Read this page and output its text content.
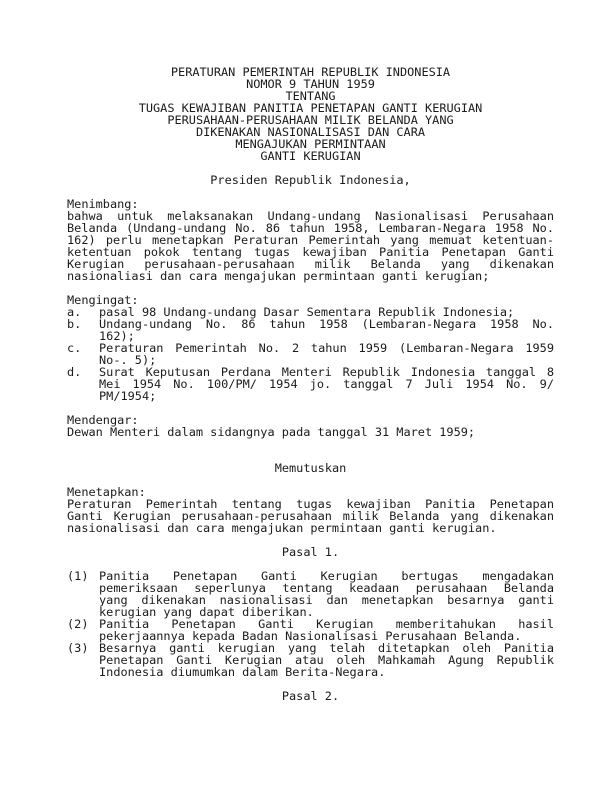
PERATURAN PEMERINTAH REPUBLIK INDONESIA
NOMOR 9 TAHUN 1959
TENTANG
TUGAS KEWAJIBAN PANITIA PENETAPAN GANTI KERUGIAN
PERUSAHAAN-PERUSAHAAN MILIK BELANDA YANG
DIKENAKAN NASIONALISASI DAN CARA
MENGAJUKAN PERMINTAAN
GANTI KERUGIAN
Presiden Republik Indonesia,
Menimbang:
bahwa untuk melaksanakan Undang-undang Nasionalisasi Perusahaan
Belanda (Undang-undang No. 86 tahun 1958, Lembaran-Negara 1958 No.
162) perlu menetapkan Peraturan Pemerintah yang memuat ketentuan-
ketentuan pokok tentang tugas kewajiban Panitia Penetapan Ganti
Kerugian perusahaan-perusahaan milik Belanda yang dikenakan
nasionaliasi dan cara mengajukan permintaan ganti kerugian;
Mengingat:
a. pasal 98 Undang-undang Dasar Sementara Republik Indonesia;
b. Undang-undang No. 86 tahun 1958 (Lembaran-Negara 1958 No.
162);
c. Peraturan Pemerintah No. 2 tahun 1959 (Lembaran-Negara 1959
No-. 5);
d. Surat Keputusan Perdana Menteri Republik Indonesia tanggal 8
Mei 1954 No. 100/PM/ 1954 jo. tanggal 7 Juli 1954 No. 9/
PM/1954;
Mendengar:
Dewan Menteri dalam sidangnya pada tanggal 31 Maret 1959;
Memutuskan
Menetapkan:
Peraturan Pemerintah tentang tugas kewajiban Panitia Penetapan
Ganti Kerugian perusahaan-perusahaan milik Belanda yang dikenakan
nasionalisasi dan cara mengajukan permintaan ganti kerugian.
Pasal 1.
(1) Panitia Penetapan Ganti Kerugian bertugas mengadakan
pemeriksaan seperlunya tentang keadaan perusahaan Belanda
yang dikenakan nasionalisasi dan menetapkan besarnya ganti
kerugian yang dapat diberikan.
(2) Panitia Penetapan Ganti Kerugian memberitahukan hasil
pekerjaannya kepada Badan Nasionalisasi Perusahaan Belanda.
(3) Besarnya ganti kerugian yang telah ditetapkan oleh Panitia
Penetapan Ganti Kerugian atau oleh Mahkamah Agung Republik
Indonesia diumumkan dalam Berita-Negara.
Pasal 2.
